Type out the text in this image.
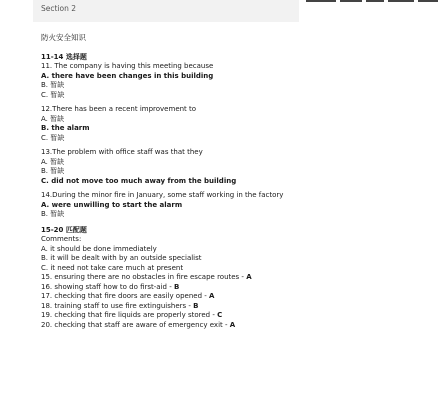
Section 2

防火安全知识

11-14 选择题

11. The company is having this meeting because

A. there have been changes in this building

B. 暂缺

C. 暂缺

12.There has been a recent improvement to

A. 暂缺

B. the alarm

C. 暂缺

13.The problem with office staff was that they

A. 暂缺

B. 暂缺

C. did not move too much away from the building

14.During the minor fire in January, some staff working in the factory

A. were unwilling to start the alarm

B. 暂缺

15-20 匹配题

Comments:

A. it should be done immediately

B. it will be dealt with by an outside specialist

C. it need not take care much at present

15. ensuring there are no obstacles in fire escape routes - A

16. showing staff how to do first-aid - B

17. checking that fire doors are easily opened - A

18. training staff to use fire extinguishers - B

19. checking that fire liquids are properly stored - C

20. checking that staff are aware of emergency exit - A
